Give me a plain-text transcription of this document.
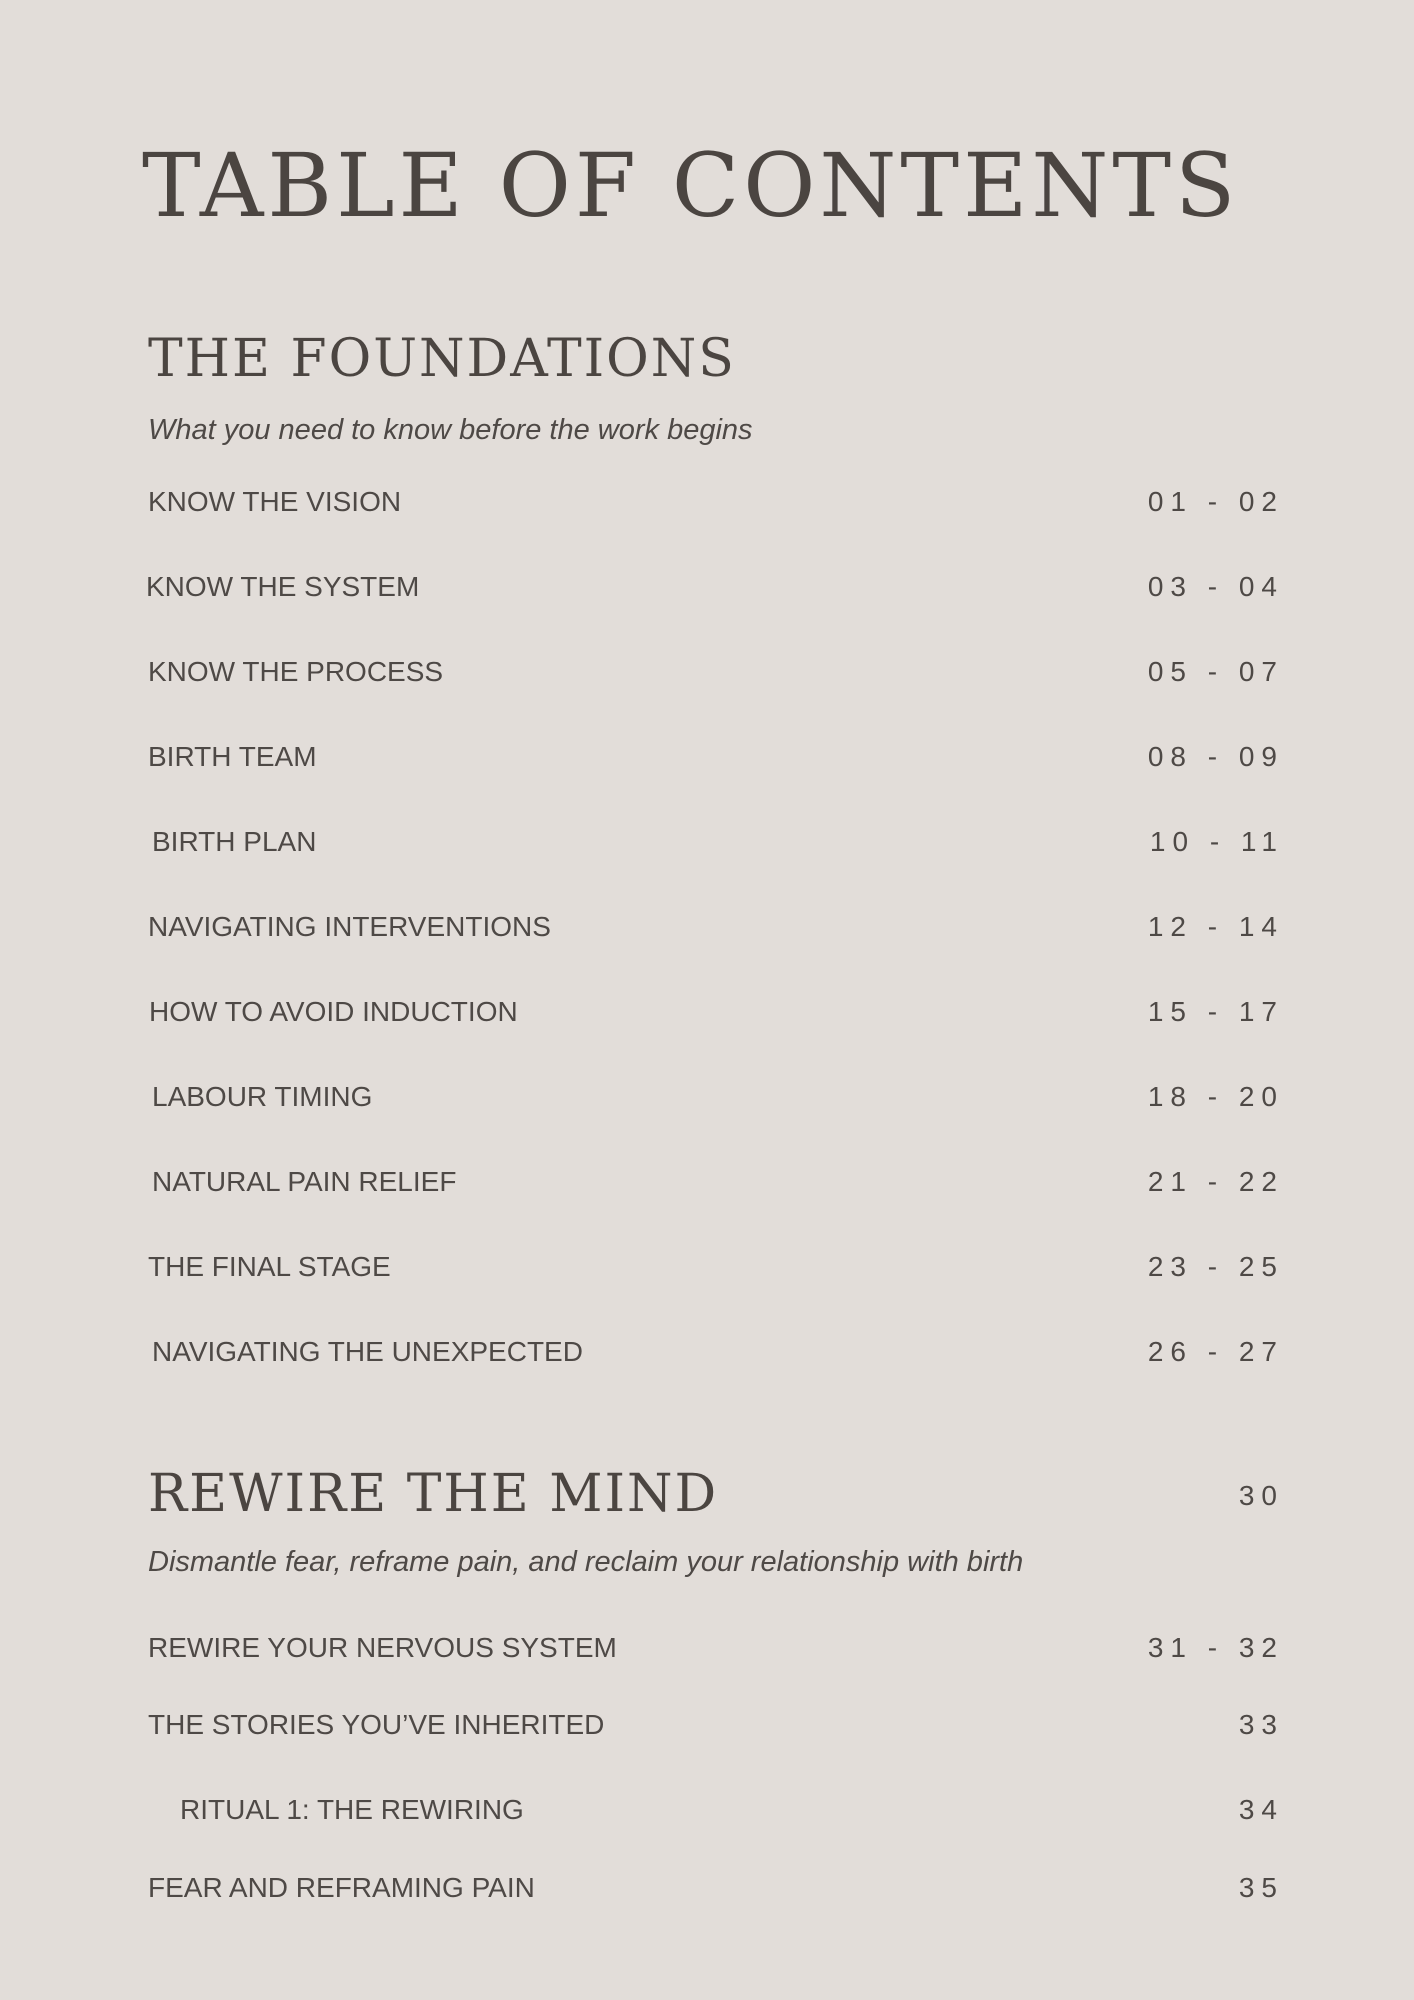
TABLE OF CONTENTS
THE FOUNDATIONS
What you need to know before the work begins
KNOW THE VISION	01 - 02
KNOW THE SYSTEM	03 - 04
KNOW THE PROCESS	05 - 07
BIRTH TEAM	08 - 09
BIRTH PLAN	10 - 11
NAVIGATING INTERVENTIONS	12 - 14
HOW TO AVOID INDUCTION	15 - 17
LABOUR TIMING	18 - 20
NATURAL PAIN RELIEF	21 - 22
THE FINAL STAGE	23 - 25
NAVIGATING THE UNEXPECTED	26 - 27
REWIRE THE MIND	30
Dismantle fear, reframe pain, and reclaim your relationship with birth
REWIRE YOUR NERVOUS SYSTEM	31 - 32
THE STORIES YOU’VE INHERITED	33
RITUAL 1: THE REWIRING	34
FEAR AND REFRAMING PAIN	35
